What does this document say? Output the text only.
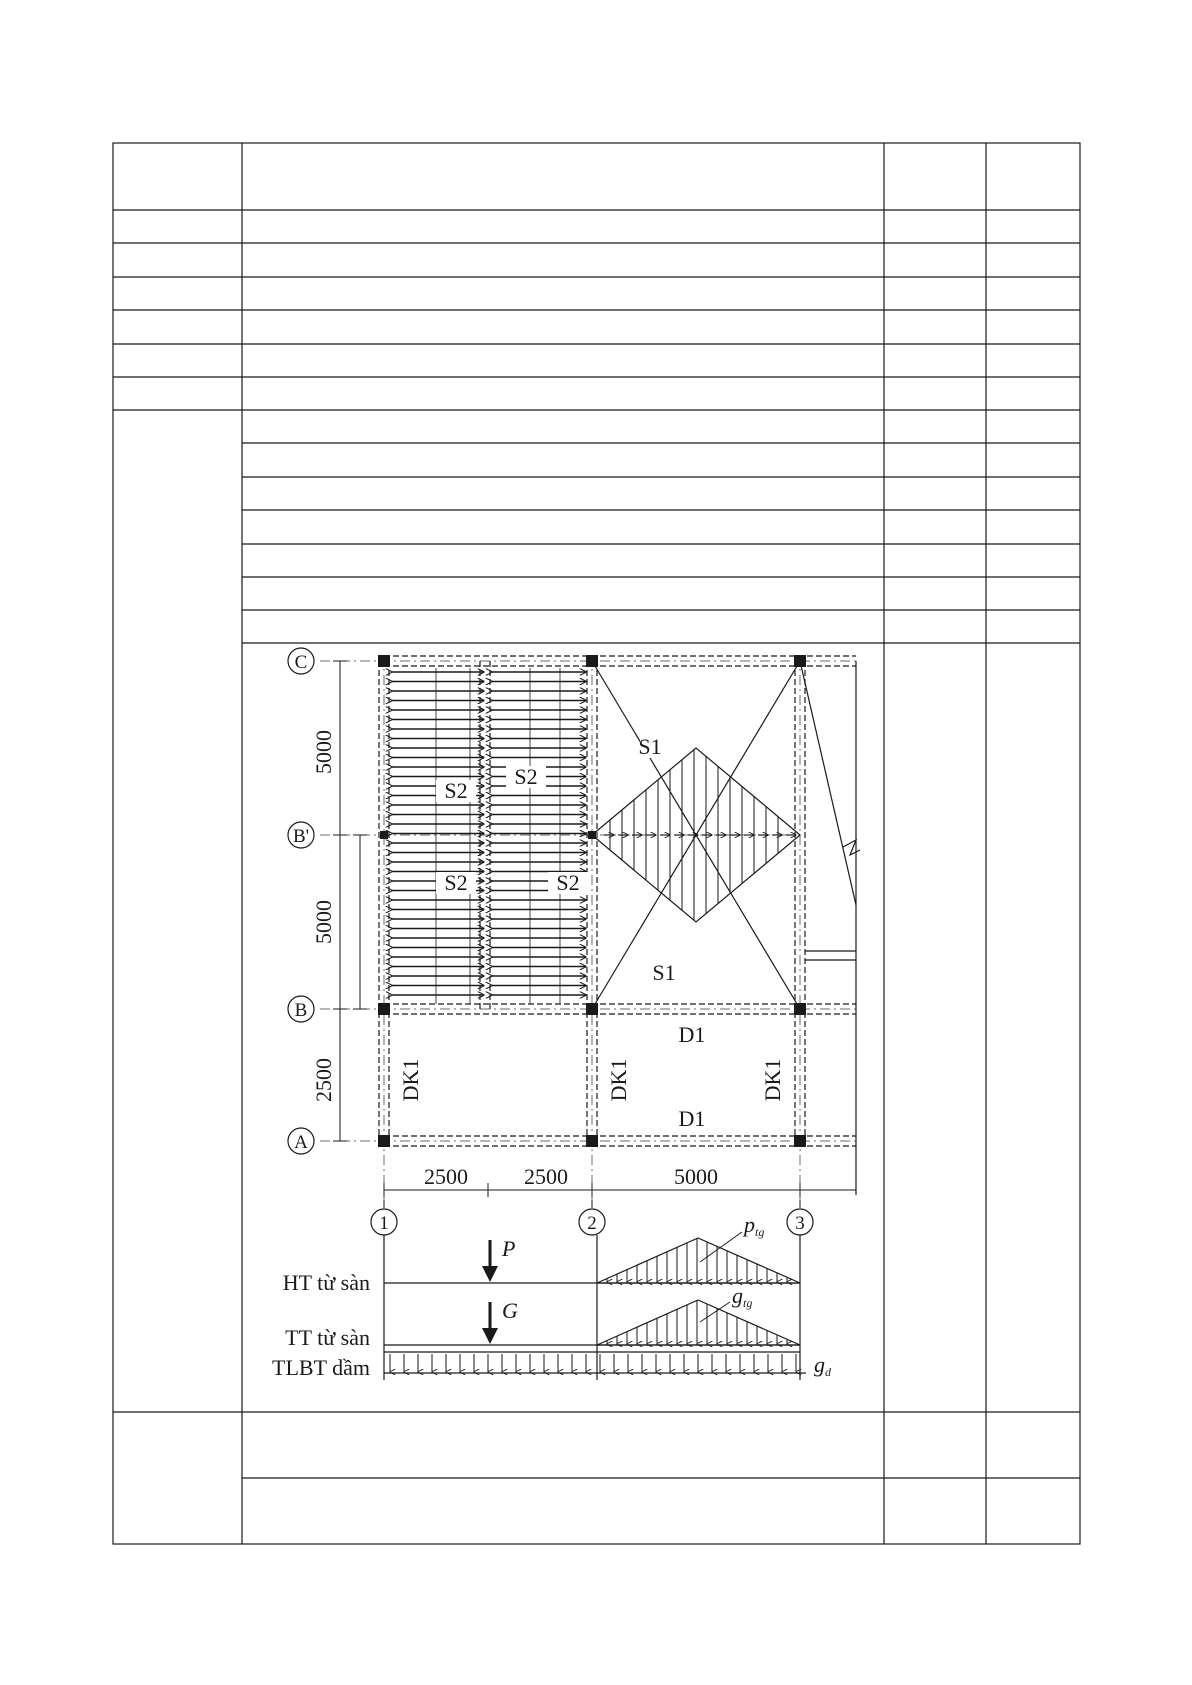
C
B'
B
A
1	2	3
5000
5000
2500
2500	2500	5000
S1
S1
S2
S2
S2	S2
D1
D1
DK1	DK1	DK1
P
G
ptg
gtg
gd
HT từ sàn
TT từ sàn
TLBT dầm
